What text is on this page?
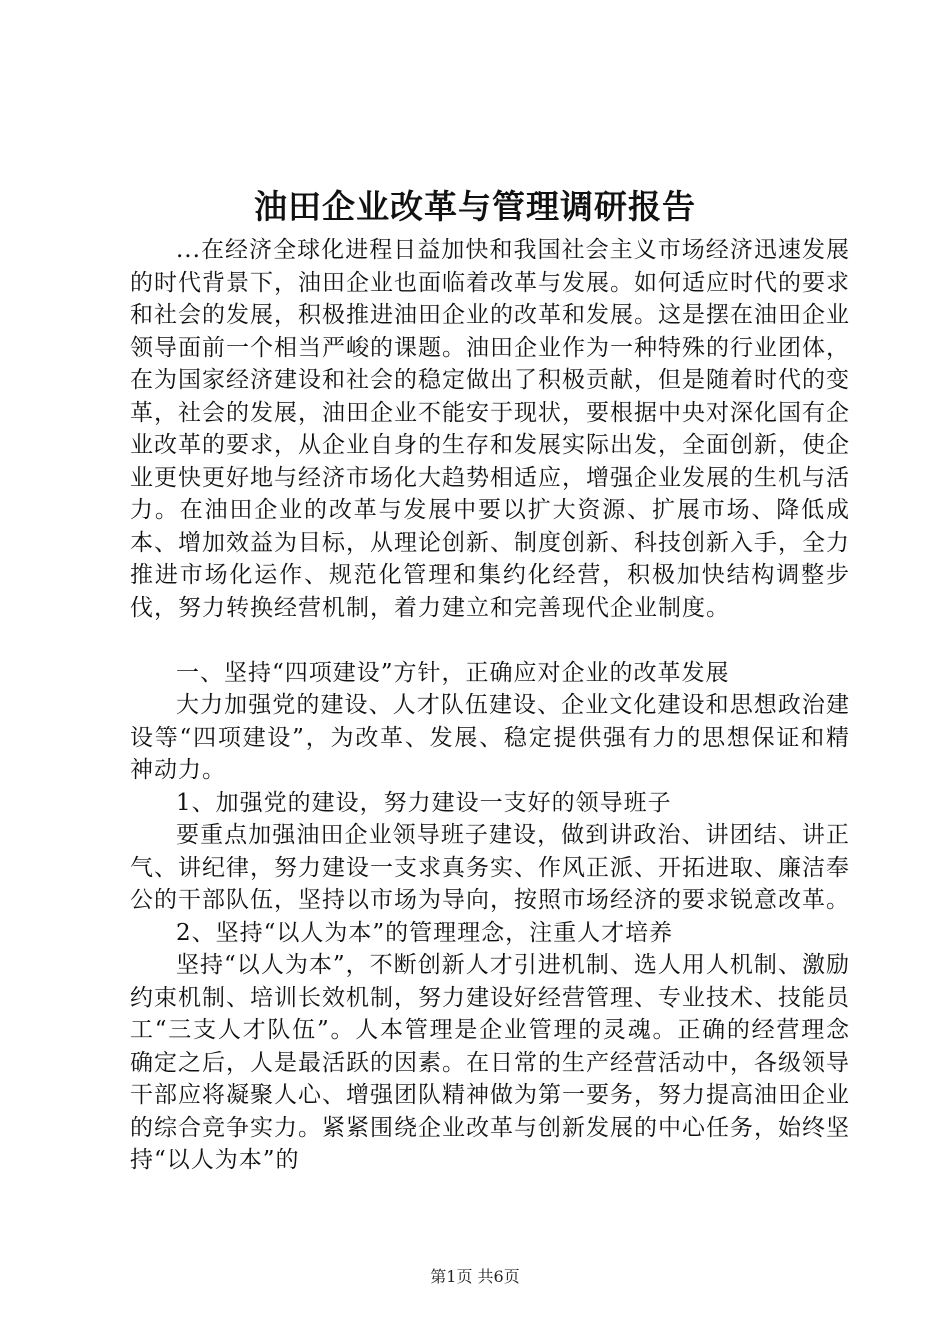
油田企业改革与管理调研报告

...在经济全球化进程日益加快和我国社会主义市场经济迅速发展的时代背景下，油田企业也面临着改革与发展。如何适应时代的要求和社会的发展，积极推进油田企业的改革和发展。这是摆在油田企业领导面前一个相当严峻的课题。油田企业作为一种特殊的行业团体，在为国家经济建设和社会的稳定做出了积极贡献，但是随着时代的变革，社会的发展，油田企业不能安于现状，要根据中央对深化国有企业改革的要求，从企业自身的生存和发展实际出发，全面创新，使企业更快更好地与经济市场化大趋势相适应，增强企业发展的生机与活力。在油田企业的改革与发展中要以扩大资源、扩展市场、降低成本、增加效益为目标，从理论创新、制度创新、科技创新入手，全力推进市场化运作、规范化管理和集约化经营，积极加快结构调整步伐，努力转换经营机制，着力建立和完善现代企业制度。

一、坚持“四项建设”方针，正确应对企业的改革发展

大力加强党的建设、人才队伍建设、企业文化建设和思想政治建设等“四项建设”，为改革、发展、稳定提供强有力的思想保证和精神动力。

1、加强党的建设，努力建设一支好的领导班子

要重点加强油田企业领导班子建设，做到讲政治、讲团结、讲正气、讲纪律，努力建设一支求真务实、作风正派、开拓进取、廉洁奉公的干部队伍，坚持以市场为导向，按照市场经济的要求锐意改革。

2、坚持“以人为本”的管理理念，注重人才培养

坚持“以人为本”，不断创新人才引进机制、选人用人机制、激励约束机制、培训长效机制，努力建设好经营管理、专业技术、技能员工“三支人才队伍”。人本管理是企业管理的灵魂。正确的经营理念确定之后，人是最活跃的因素。在日常的生产经营活动中，各级领导干部应将凝聚人心、增强团队精神做为第一要务，努力提高油田企业的综合竞争实力。紧紧围绕企业改革与创新发展的中心任务，始终坚持“以人为本”的

第1页 共6页
